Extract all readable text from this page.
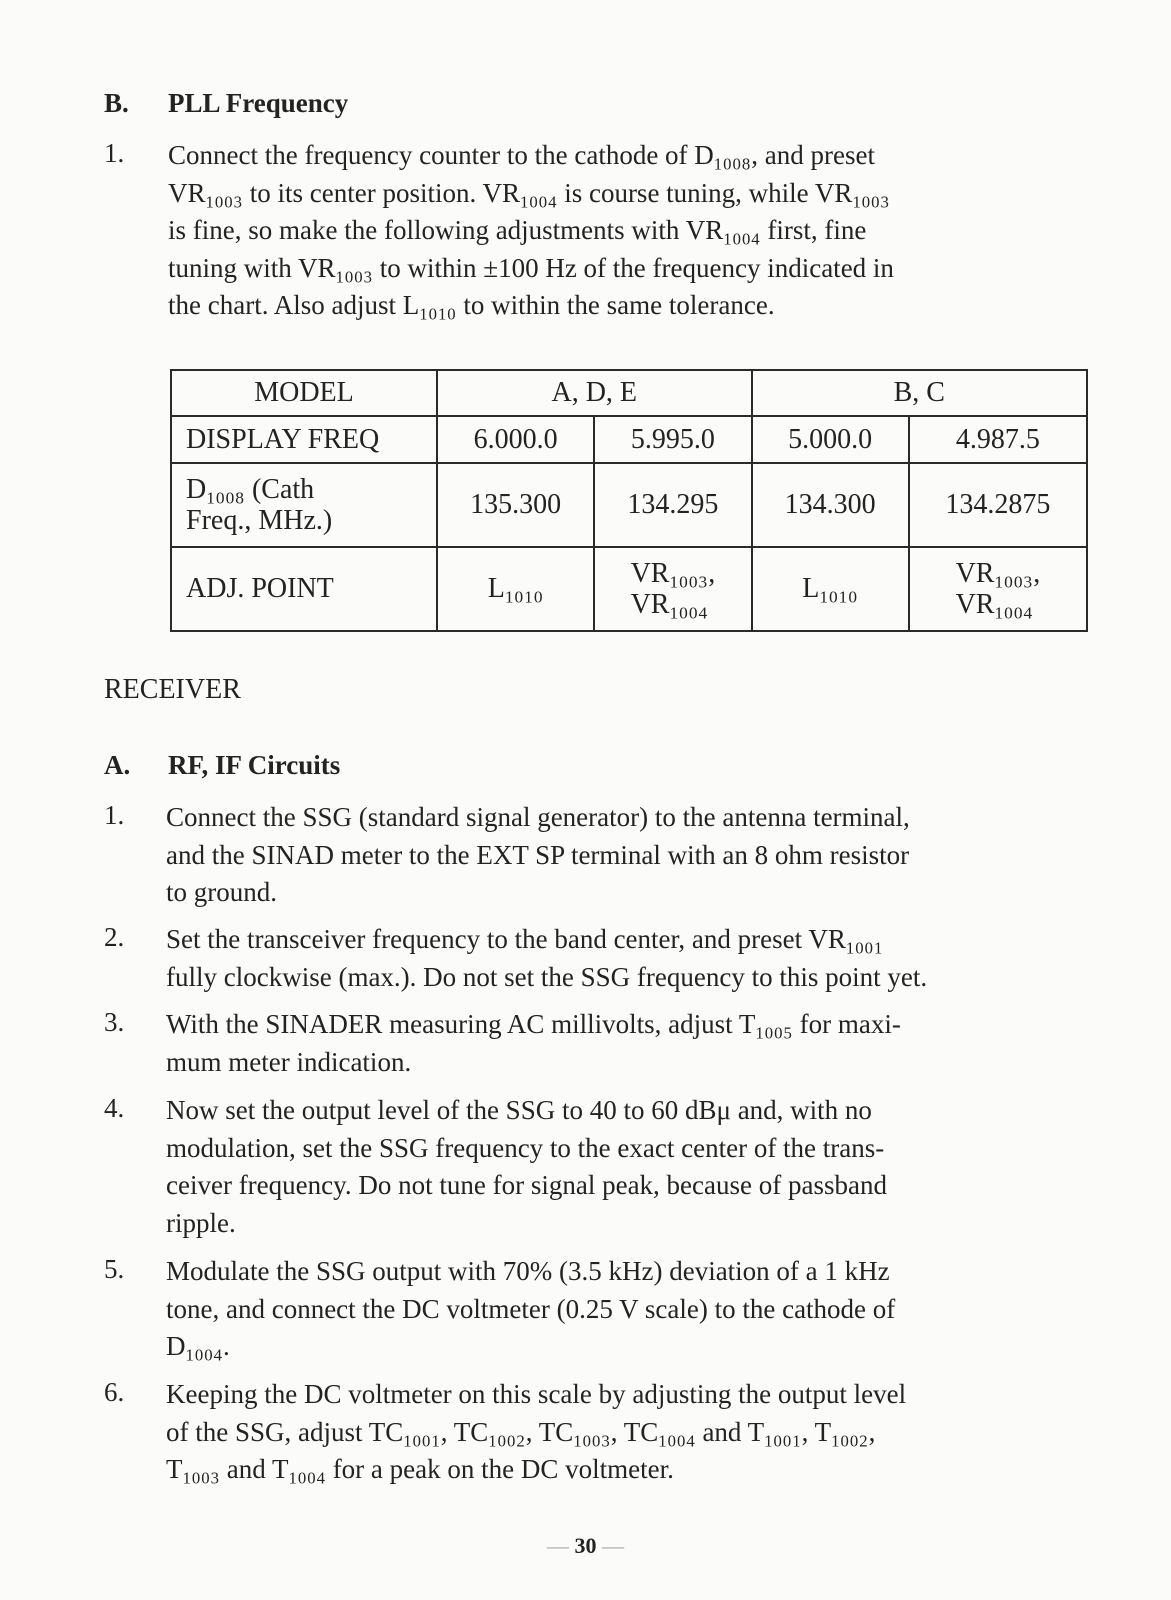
B. PLL Frequency
1. Connect the frequency counter to the cathode of $D_{1008}$, and preset
$VR_{1003}$ to its center position. $VR_{1004}$ is course tuning, while $VR_{1003}$
is fine, so make the following adjustments with $VR_{1004}$ first, fine
tuning with $VR_{1003}$ to within ±100 Hz of the frequency indicated in
the chart. Also adjust $L_{1010}$ to within the same tolerance.
MODEL	A, D, E		B, C	
DISPLAY FREQ	6.000.0	5.995.0	5.000.0	4.987.5
$D_{1008}$ (Cath
Freq., MHz.)	135.300	134.295	134.300	134.2875
ADJ. POINT	$L_{1010}$	$VR_{1003}$,
$VR_{1004}$	$L_{1010}$	$VR_{1003}$,
$VR_{1004}$
RECEIVER
A. RF, IF Circuits
1. Connect the SSG (standard signal generator) to the antenna terminal,
and the SINAD meter to the EXT SP terminal with an 8 ohm resistor
to ground.
2. Set the transceiver frequency to the band center, and preset $VR_{1001}$
fully clockwise (max.). Do not set the SSG frequency to this point yet.
3. With the SINADER measuring AC millivolts, adjust $T_{1005}$ for maxi-
mum meter indication.
4. Now set the output level of the SSG to 40 to 60 dBμ and, with no
modulation, set the SSG frequency to the exact center of the trans-
ceiver frequency. Do not tune for signal peak, because of passband
ripple.
5. Modulate the SSG output with 70% (3.5 kHz) deviation of a 1 kHz
tone, and connect the DC voltmeter (0.25 V scale) to the cathode of
$D_{1004}$.
6. Keeping the DC voltmeter on this scale by adjusting the output level
of the SSG, adjust $TC_{1001}$, $TC_{1002}$, $TC_{1003}$, $TC_{1004}$ and $T_{1001}$, $T_{1002}$,
$T_{1003}$ and $T_{1004}$ for a peak on the DC voltmeter.
— 30 —
